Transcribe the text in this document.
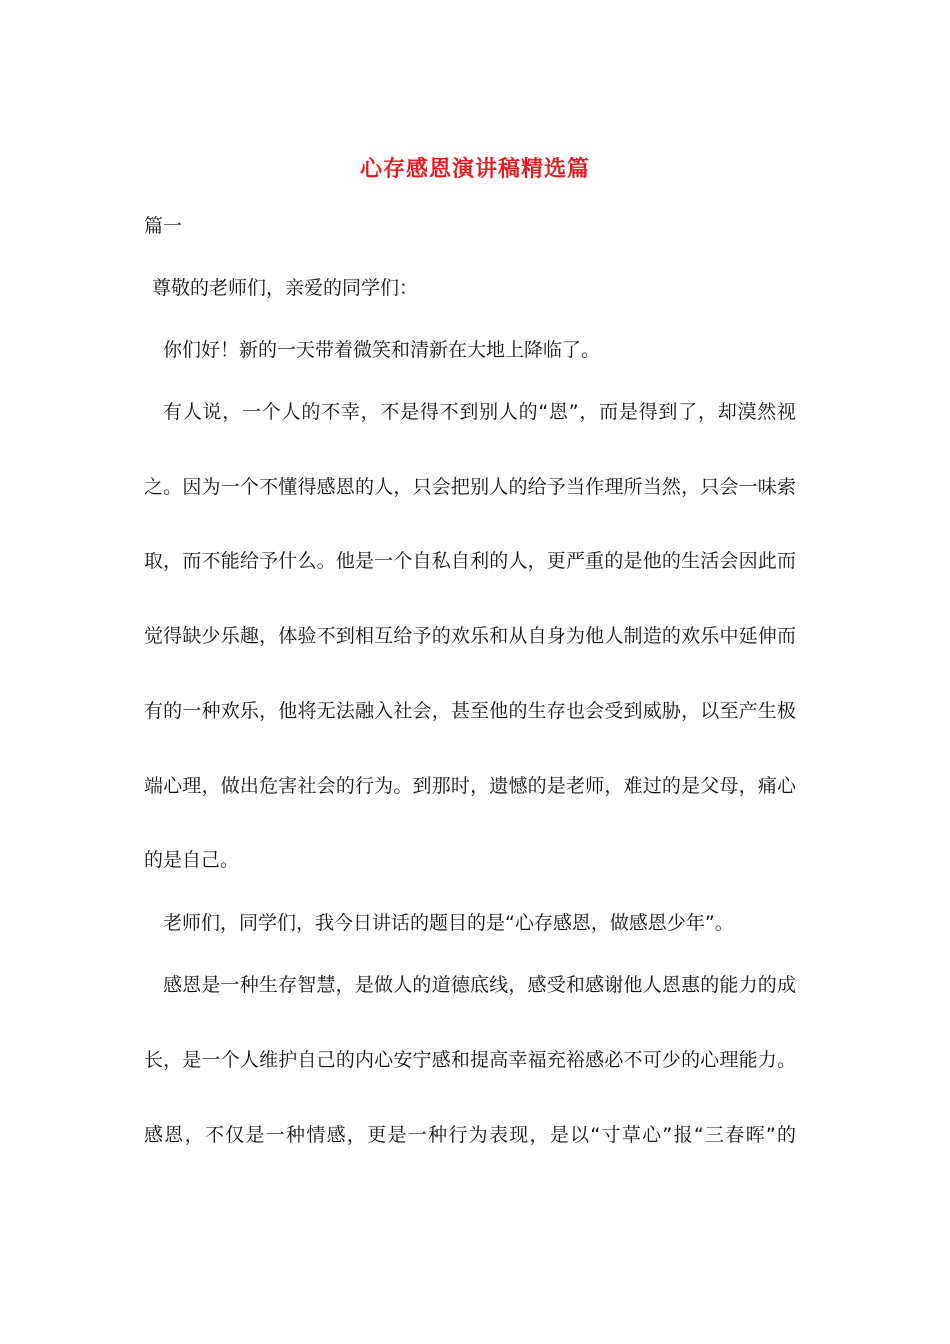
心存感恩演讲稿精选篇
篇一
尊敬的老师们，亲爱的同学们：
你们好！新的一天带着微笑和清新在大地上降临了。
有人说，一个人的不幸，不是得不到别人的“恩”，而是得到了，却漠然视
之。因为一个不懂得感恩的人，只会把别人的给予当作理所当然，只会一味索
取，而不能给予什么。他是一个自私自利的人，更严重的是他的生活会因此而
觉得缺少乐趣，体验不到相互给予的欢乐和从自身为他人制造的欢乐中延伸而
有的一种欢乐，他将无法融入社会，甚至他的生存也会受到威胁，以至产生极
端心理，做出危害社会的行为。到那时，遗憾的是老师，难过的是父母，痛心
的是自己。
老师们，同学们，我今日讲话的题目的是“心存感恩，做感恩少年”。
感恩是一种生存智慧，是做人的道德底线，感受和感谢他人恩惠的能力的成
长，是一个人维护自己的内心安宁感和提高幸福充裕感必不可少的心理能力。
感恩，不仅是一种情感，更是一种行为表现，是以“寸草心”报“三春晖”的
